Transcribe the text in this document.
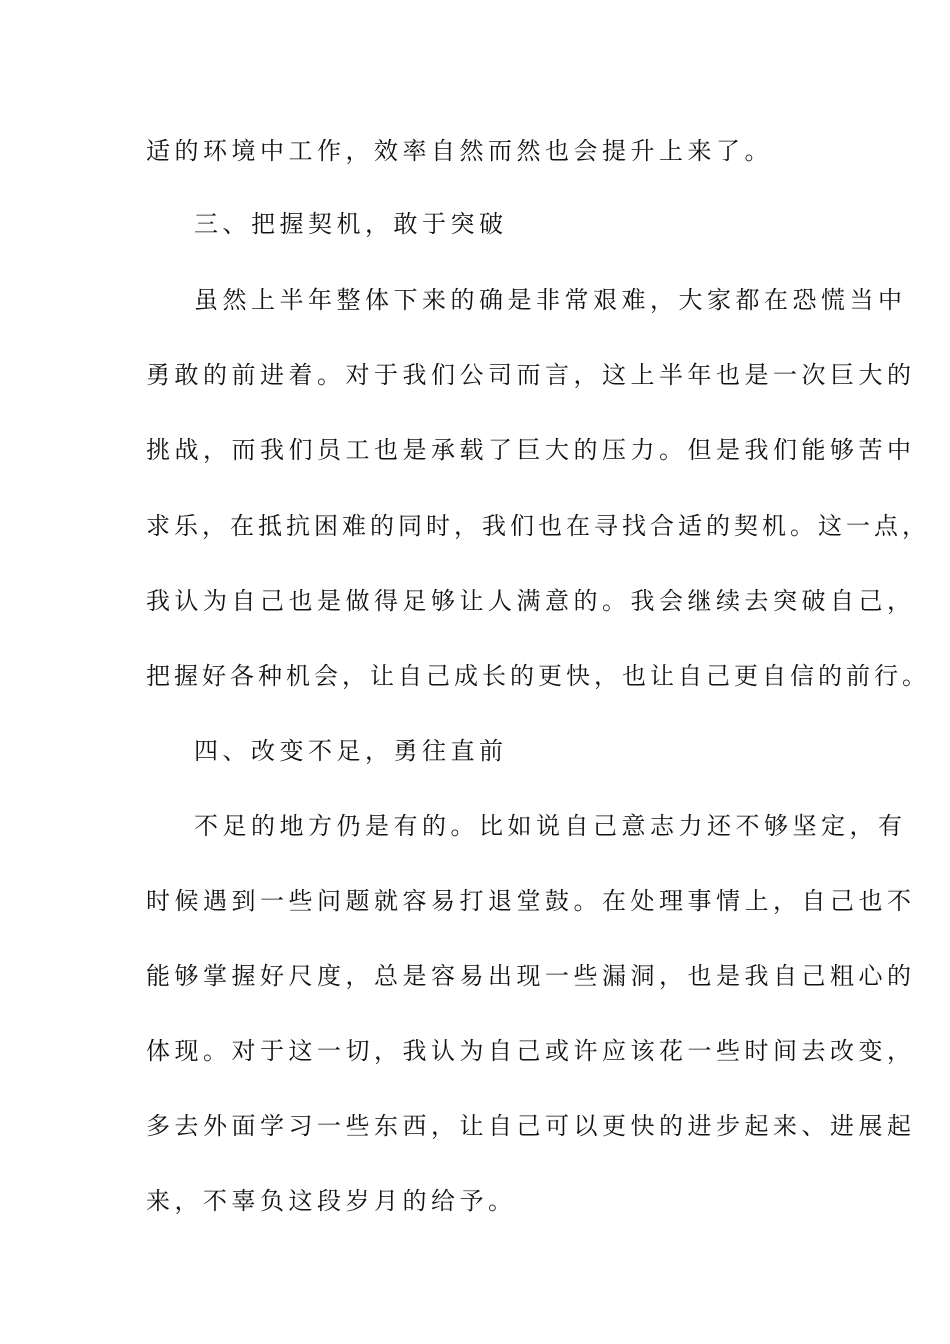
适的环境中工作，效率自然而然也会提升上来了。
三、把握契机，敢于突破
虽然上半年整体下来的确是非常艰难，大家都在恐慌当中
勇敢的前进着。对于我们公司而言，这上半年也是一次巨大的
挑战，而我们员工也是承载了巨大的压力。但是我们能够苦中
求乐，在抵抗困难的同时，我们也在寻找合适的契机。这一点，
我认为自己也是做得足够让人满意的。我会继续去突破自己，
把握好各种机会，让自己成长的更快，也让自己更自信的前行。
四、改变不足，勇往直前
不足的地方仍是有的。比如说自己意志力还不够坚定，有
时候遇到一些问题就容易打退堂鼓。在处理事情上，自己也不
能够掌握好尺度，总是容易出现一些漏洞，也是我自己粗心的
体现。对于这一切，我认为自己或许应该花一些时间去改变，
多去外面学习一些东西，让自己可以更快的进步起来、进展起
来，不辜负这段岁月的给予。
